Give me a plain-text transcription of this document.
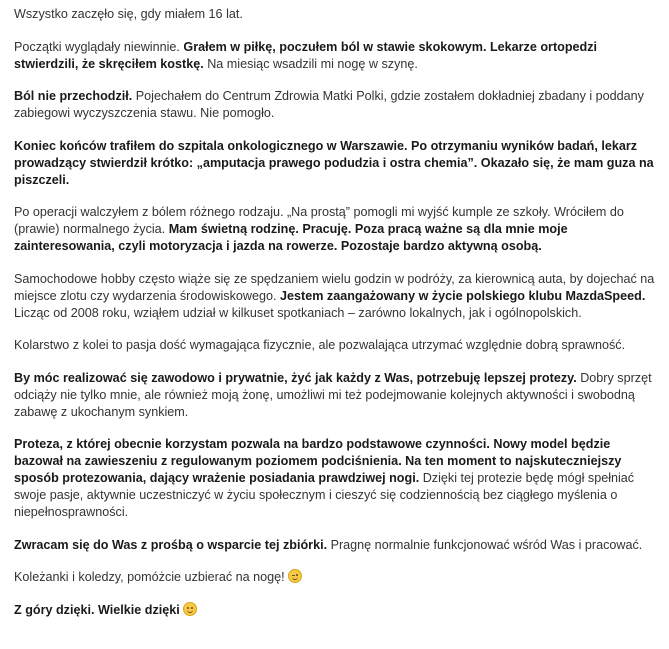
Wszystko zaczęło się, gdy miałem 16 lat.

Początki wyglądały niewinnie. Grałem w piłkę, poczułem ból w stawie skokowym. Lekarze ortopedzi stwierdzili, że skręciłem kostkę. Na miesiąc wsadzili mi nogę w szynę.

Ból nie przechodził. Pojechałem do Centrum Zdrowia Matki Polki, gdzie zostałem dokładniej zbadany i poddany zabiegowi wyczyszczenia stawu. Nie pomogło.

Koniec końców trafiłem do szpitala onkologicznego w Warszawie. Po otrzymaniu wyników badań, lekarz prowadzący stwierdził krótko: „amputacja prawego podudzia i ostra chemia”. Okazało się, że mam guza na piszczeli.

Po operacji walczyłem z bólem różnego rodzaju. „Na prostą” pomogli mi wyjść kumple ze szkoły. Wróciłem do (prawie) normalnego życia. Mam świetną rodzinę. Pracuję. Poza pracą ważne są dla mnie moje zainteresowania, czyli motoryzacja i jazda na rowerze. Pozostaje bardzo aktywną osobą.

Samochodowe hobby często wiąże się ze spędzaniem wielu godzin w podróży, za kierownicą auta, by dojechać na miejsce zlotu czy wydarzenia środowiskowego. Jestem zaangażowany w życie polskiego klubu MazdaSpeed. Licząc od 2008 roku, wziąłem udział w kilkuset spotkaniach – zarówno lokalnych, jak i ogólnopolskich.

Kolarstwo z kolei to pasja dość wymagająca fizycznie, ale pozwalająca utrzymać względnie dobrą sprawność.

By móc realizować się zawodowo i prywatnie, żyć jak każdy z Was, potrzebuję lepszej protezy. Dobry sprzęt odciąży nie tylko mnie, ale również moją żonę, umożliwi mi też podejmowanie kolejnych aktywności i swobodną zabawę z ukochanym synkiem.

Proteza, z której obecnie korzystam pozwala na bardzo podstawowe czynności. Nowy model będzie bazował na zawieszeniu z regulowanym poziomem podciśnienia. Na ten moment to najskuteczniejszy sposób protezowania, dający wrażenie posiadania prawdziwej nogi. Dzięki tej protezie będę mógł spełniać swoje pasje, aktywnie uczestniczyć w życiu społecznym i cieszyć się codziennością bez ciągłego myślenia o niepełnosprawności.

Zwracam się do Was z prośbą o wsparcie tej zbiórki. Pragnę normalnie funkcjonować wśród Was i pracować.

Koleżanki i koledzy, pomóżcie uzbierać na nogę!

Z góry dzięki. Wielkie dzięki
